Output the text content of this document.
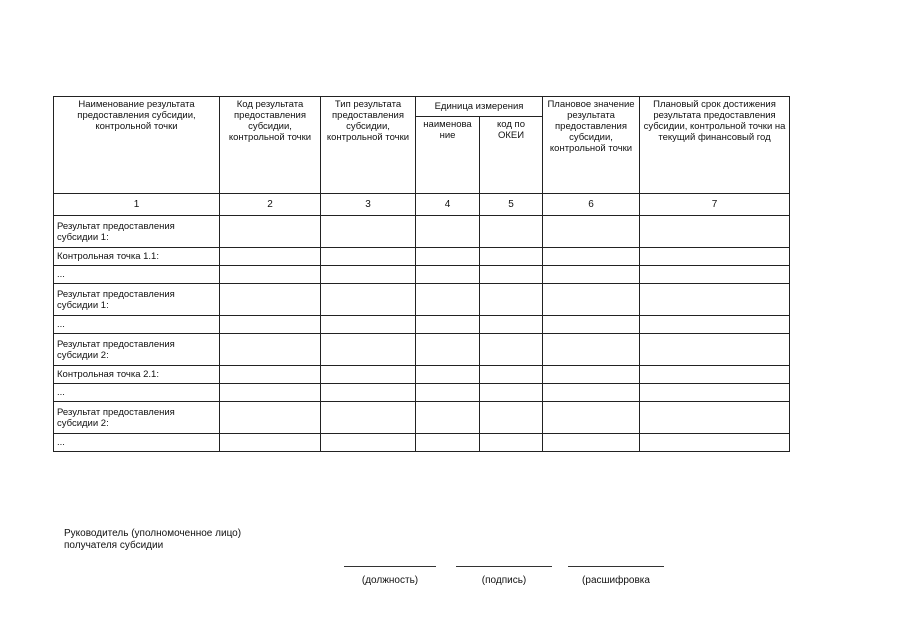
Наименование результата предоставления субсидии, контрольной точки	Код результата предоставления субсидии, контрольной точки	Тип результата предоставления субсидии, контрольной точки	Единица измерения		Плановое значение результата предоставления субсидии, контрольной точки	Плановый срок достижения результата предоставления субсидии, контрольной точки на текущий финансовый год
			наименова ние	код по ОКЕИ		
1	2	3	4	5	6	7
Результат предоставления субсидии 1:						
Контрольная точка 1.1:						
...						
Результат предоставления субсидии 1:						
...						
Результат предоставления субсидии 2:						
Контрольная точка 2.1:						
...						
Результат предоставления субсидии 2:						
...						
Руководитель (уполномоченное лицо) получателя субсидии
(должность)	(подпись)	(расшифровка
